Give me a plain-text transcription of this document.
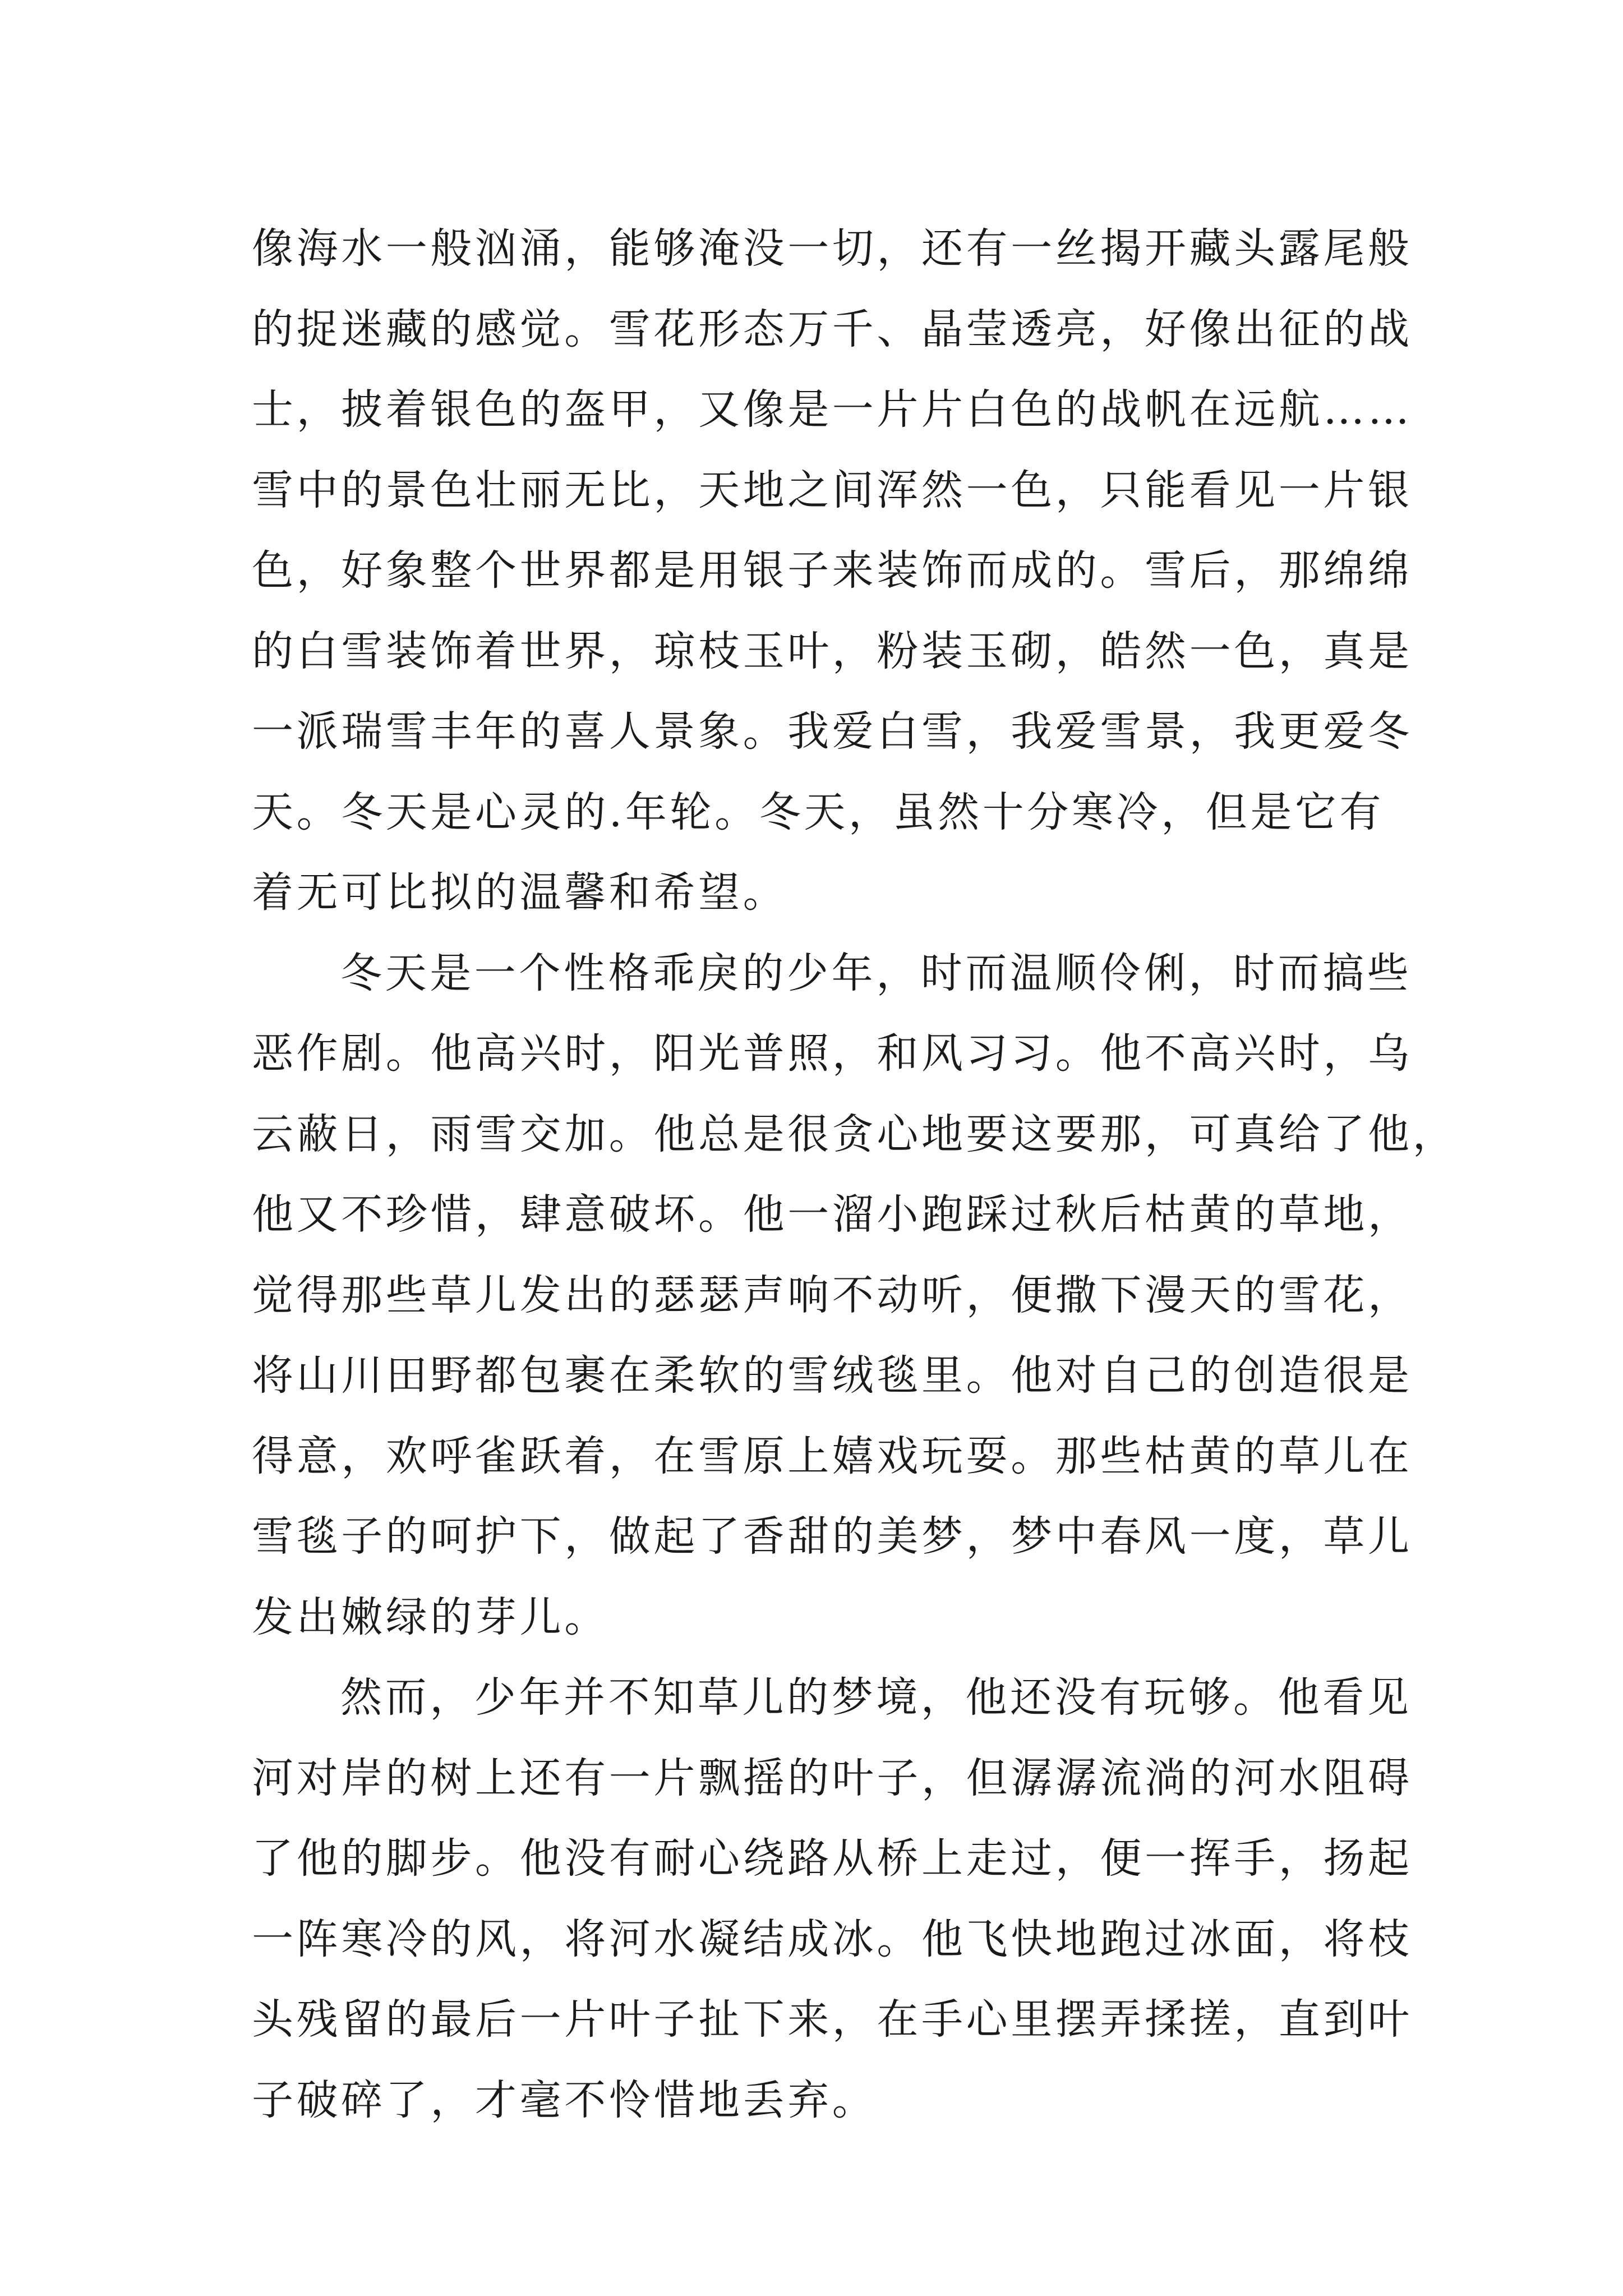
像海水一般汹涌，能够淹没一切，还有一丝揭开藏头露尾般
的捉迷藏的感觉。雪花形态万千、晶莹透亮，好像出征的战
士，披着银色的盔甲，又像是一片片白色的战帆在远航……
雪中的景色壮丽无比，天地之间浑然一色，只能看见一片银
色，好象整个世界都是用银子来装饰而成的。雪后，那绵绵
的白雪装饰着世界，琼枝玉叶，粉装玉砌，皓然一色，真是
一派瑞雪丰年的喜人景象。我爱白雪，我爱雪景，我更爱冬
天。冬天是心灵的.年轮。冬天，虽然十分寒冷，但是它有
着无可比拟的温馨和希望。

冬天是一个性格乖戾的少年，时而温顺伶俐，时而搞些
恶作剧。他高兴时，阳光普照，和风习习。他不高兴时，乌
云蔽日，雨雪交加。他总是很贪心地要这要那，可真给了他，
他又不珍惜，肆意破坏。他一溜小跑踩过秋后枯黄的草地，
觉得那些草儿发出的瑟瑟声响不动听，便撒下漫天的雪花，
将山川田野都包裹在柔软的雪绒毯里。他对自己的创造很是
得意，欢呼雀跃着，在雪原上嬉戏玩耍。那些枯黄的草儿在
雪毯子的呵护下，做起了香甜的美梦，梦中春风一度，草儿
发出嫩绿的芽儿。

然而，少年并不知草儿的梦境，他还没有玩够。他看见
河对岸的树上还有一片飘摇的叶子，但潺潺流淌的河水阻碍
了他的脚步。他没有耐心绕路从桥上走过，便一挥手，扬起
一阵寒冷的风，将河水凝结成冰。他飞快地跑过冰面，将枝
头残留的最后一片叶子扯下来，在手心里摆弄揉搓，直到叶
子破碎了，才毫不怜惜地丢弃。
